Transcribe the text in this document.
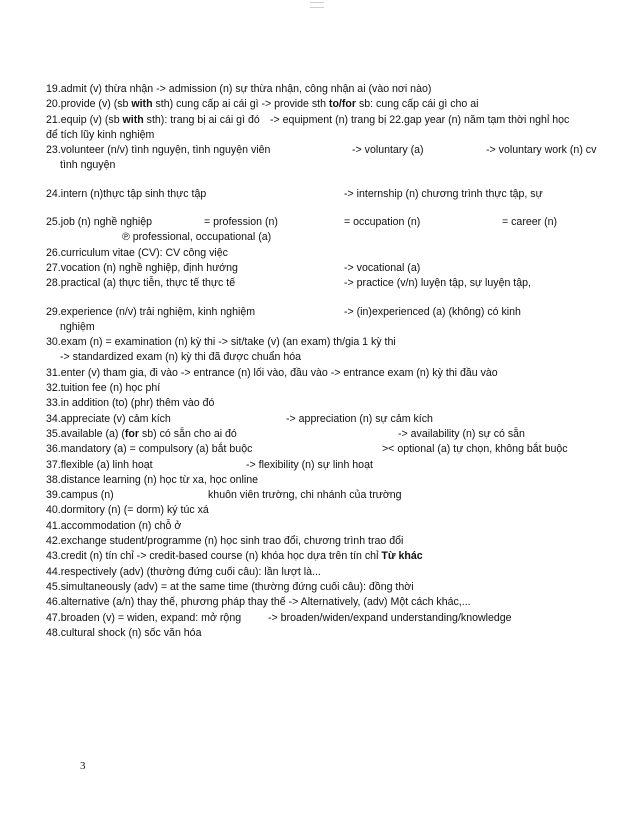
19.admit (v) thừa nhận -> admission (n) sự thừa nhận, công nhận ai (vào nơi nào)
20.provide (v) (sb with sth) cung cấp ai cái gì -> provide sth to/for sb: cung cấp cái gì cho ai
21.equip (v) (sb with sth): trang bị ai cái gì đó -> equipment (n) trang bị 22.gap year (n) năm tạm thời nghỉ học
để tích lũy kinh nghiệm
23.volunteer (n/v) tình nguyện, tình nguyện viên	-> voluntary (a)	-> voluntary work (n) cv
tình nguyện
24.intern (n)thực tập sinh thực tập	-> internship (n) chương trình thực tập, sự
25.job (n) nghề nghiệp	= profession (n)	= occupation (n)	= career (n)
℗ professional, occupational (a)
26.curriculum vitae (CV): CV công việc
27.vocation (n) nghề nghiệp, định hướng	-> vocational (a)
28.practical (a) thực tiễn, thực tế thực tế	-> practice (v/n) luyện tập, sự luyện tập,
29.experience (n/v) trải nghiệm, kinh nghiệm	-> (in)experienced (a) (không) có kinh
nghiệm
30.exam (n) = examination (n) kỳ thi -> sit/take (v) (an exam) th/gia 1 kỳ thi
-> standardized exam (n) kỳ thi đã được chuẩn hóa
31.enter (v) tham gia, đi vào -> entrance (n) lối vào, đầu vào -> entrance exam (n) kỳ thi đầu vào
32.tuition fee (n) học phí
33.in addition (to) (phr) thêm vào đó
34.appreciate (v) cảm kích	-> appreciation (n) sự cảm kích
35.available (a) (for sb) có sẵn cho ai đó	-> availability (n) sự có sẵn
36.mandatory (a) = compulsory (a) bắt buộc	>< optional (a) tự chọn, không bắt buộc
37.flexible (a) linh hoạt	-> flexibility (n) sự linh hoạt
38.distance learning (n) học từ xa, học online
39.campus (n)	khuôn viên trường, chi nhánh của trường
40.dormitory (n) (= dorm) ký túc xá
41.accommodation (n) chỗ ở
42.exchange student/programme (n) học sinh trao đổi, chương trình trao đổi
43.credit (n) tín chỉ -> credit-based course (n) khóa học dựa trên tín chỉ Từ khác
44.respectively (adv) (thường đứng cuối câu): lần lượt là...
45.simultaneously (adv) = at the same time (thường đứng cuối câu): đồng thời
46.alternative (a/n) thay thế, phương pháp thay thế -> Alternatively, (adv) Một cách khác,...
47.broaden (v) = widen, expand: mở rộng	-> broaden/widen/expand understanding/knowledge
48.cultural shock (n) sốc văn hóa
3
